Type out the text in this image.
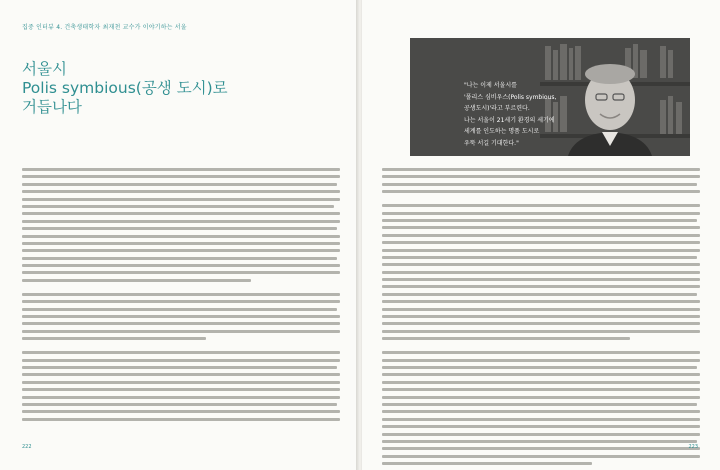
집중 인터뷰 4. 건축생태학자 최재천 교수가 이야기하는 서울
서울시
Polis symbious(공생 도시)로
거듭나다
222
"나는 이제 서울시를
'폴리스 심비우스(Polis symbious,
공생도시)'라고 부르련다.
나는 서울이 21세기 환경의 세기에
세계를 인도하는 명품 도시로
우뚝 서길 기대한다."
223
